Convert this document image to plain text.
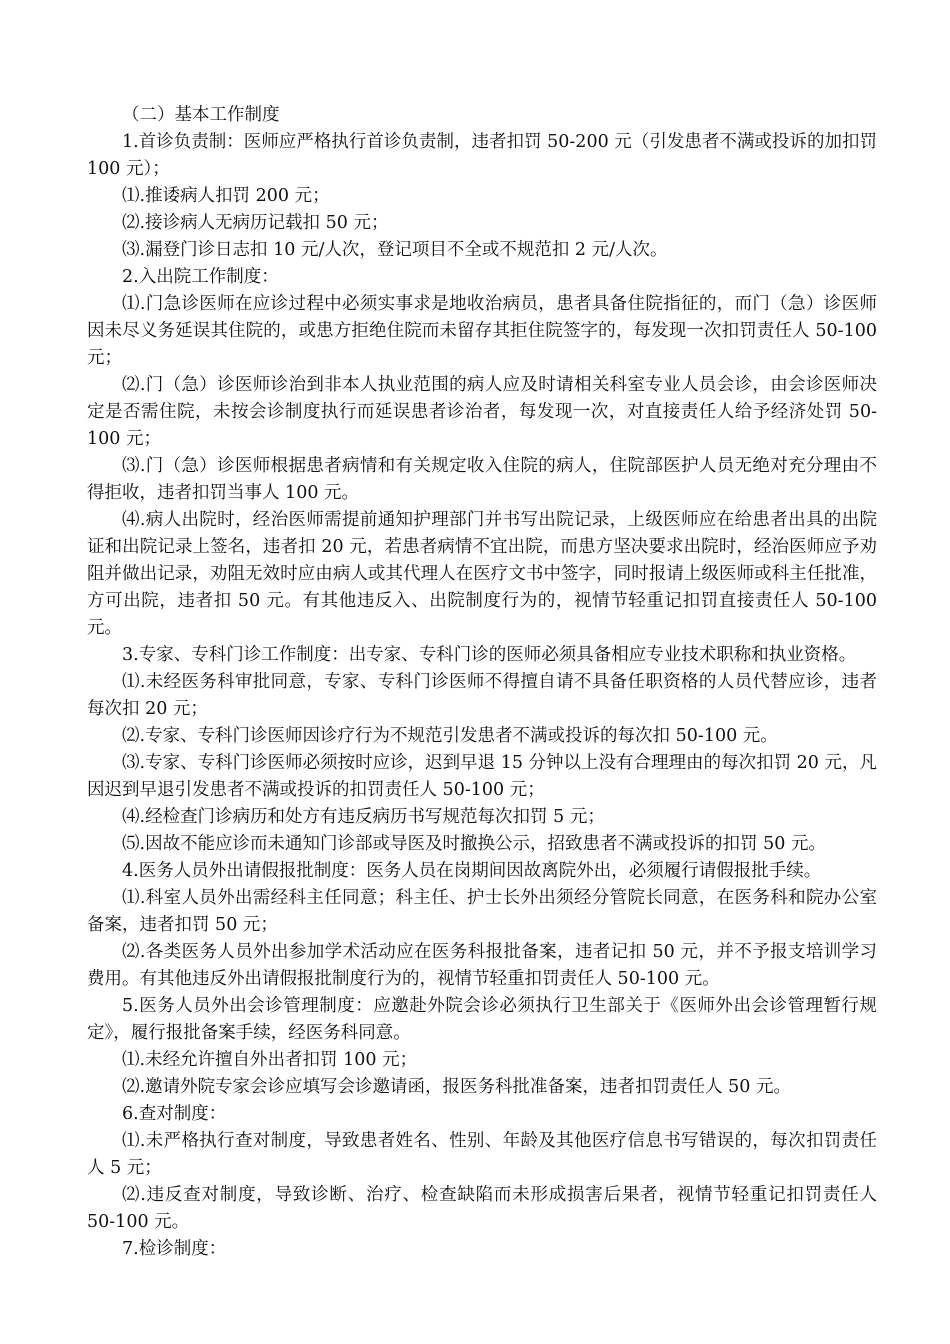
（二）基本工作制度

1.首诊负责制：医师应严格执行首诊负责制，违者扣罚 50-200 元（引发患者不满或投诉的加扣罚 100 元）；

⑴.推诿病人扣罚 200 元；

⑵.接诊病人无病历记载扣 50 元；

⑶.漏登门诊日志扣 10 元/人次，登记项目不全或不规范扣 2 元/人次。

2.入出院工作制度：

⑴.门急诊医师在应诊过程中必须实事求是地收治病员，患者具备住院指征的，而门（急）诊医师因未尽义务延误其住院的，或患方拒绝住院而未留存其拒住院签字的，每发现一次扣罚责任人 50-100 元；

⑵.门（急）诊医师诊治到非本人执业范围的病人应及时请相关科室专业人员会诊，由会诊医师决定是否需住院，未按会诊制度执行而延误患者诊治者，每发现一次，对直接责任人给予经济处罚 50-100 元；

⑶.门（急）诊医师根据患者病情和有关规定收入住院的病人，住院部医护人员无绝对充分理由不得拒收，违者扣罚当事人 100 元。

⑷.病人出院时，经治医师需提前通知护理部门并书写出院记录，上级医师应在给患者出具的出院证和出院记录上签名，违者扣 20 元，若患者病情不宜出院，而患方坚决要求出院时，经治医师应予劝阻并做出记录，劝阻无效时应由病人或其代理人在医疗文书中签字，同时报请上级医师或科主任批准，方可出院，违者扣 50 元。有其他违反入、出院制度行为的，视情节轻重记扣罚直接责任人 50-100 元。

3.专家、专科门诊工作制度：出专家、专科门诊的医师必须具备相应专业技术职称和执业资格。

⑴.未经医务科审批同意，专家、专科门诊医师不得擅自请不具备任职资格的人员代替应诊，违者每次扣 20 元；

⑵.专家、专科门诊医师因诊疗行为不规范引发患者不满或投诉的每次扣 50-100 元。

⑶.专家、专科门诊医师必须按时应诊，迟到早退 15 分钟以上没有合理理由的每次扣罚 20 元，凡因迟到早退引发患者不满或投诉的扣罚责任人 50-100 元；

⑷.经检查门诊病历和处方有违反病历书写规范每次扣罚 5 元；

⑸.因故不能应诊而未通知门诊部或导医及时撤换公示，招致患者不满或投诉的扣罚 50 元。

4.医务人员外出请假报批制度：医务人员在岗期间因故离院外出，必须履行请假报批手续。

⑴.科室人员外出需经科主任同意；科主任、护士长外出须经分管院长同意，在医务科和院办公室备案，违者扣罚 50 元；

⑵.各类医务人员外出参加学术活动应在医务科报批备案，违者记扣 50 元，并不予报支培训学习费用。有其他违反外出请假报批制度行为的，视情节轻重扣罚责任人 50-100 元。

5.医务人员外出会诊管理制度：应邀赴外院会诊必须执行卫生部关于《医师外出会诊管理暂行规定》，履行报批备案手续，经医务科同意。

⑴.未经允许擅自外出者扣罚 100 元；

⑵.邀请外院专家会诊应填写会诊邀请函，报医务科批准备案，违者扣罚责任人 50 元。

6.查对制度：

⑴.未严格执行查对制度，导致患者姓名、性别、年龄及其他医疗信息书写错误的，每次扣罚责任人 5 元；

⑵.违反查对制度，导致诊断、治疗、检查缺陷而未形成损害后果者，视情节轻重记扣罚责任人 50-100 元。

7.检诊制度：
